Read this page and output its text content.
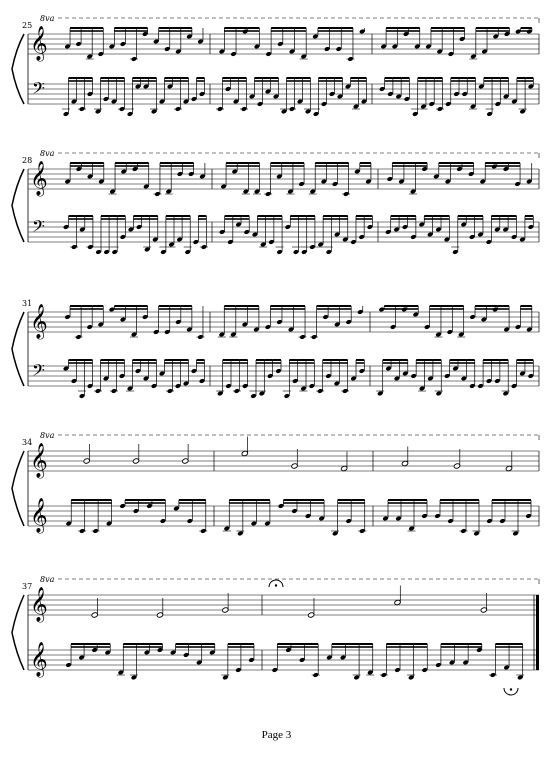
25
8va
𝄞
𝄢
28
8va
𝄞
𝄢
31
𝄞
𝄢
34
8va
𝄞
𝄞
37
8va
𝄞
𝄞
Page 3
